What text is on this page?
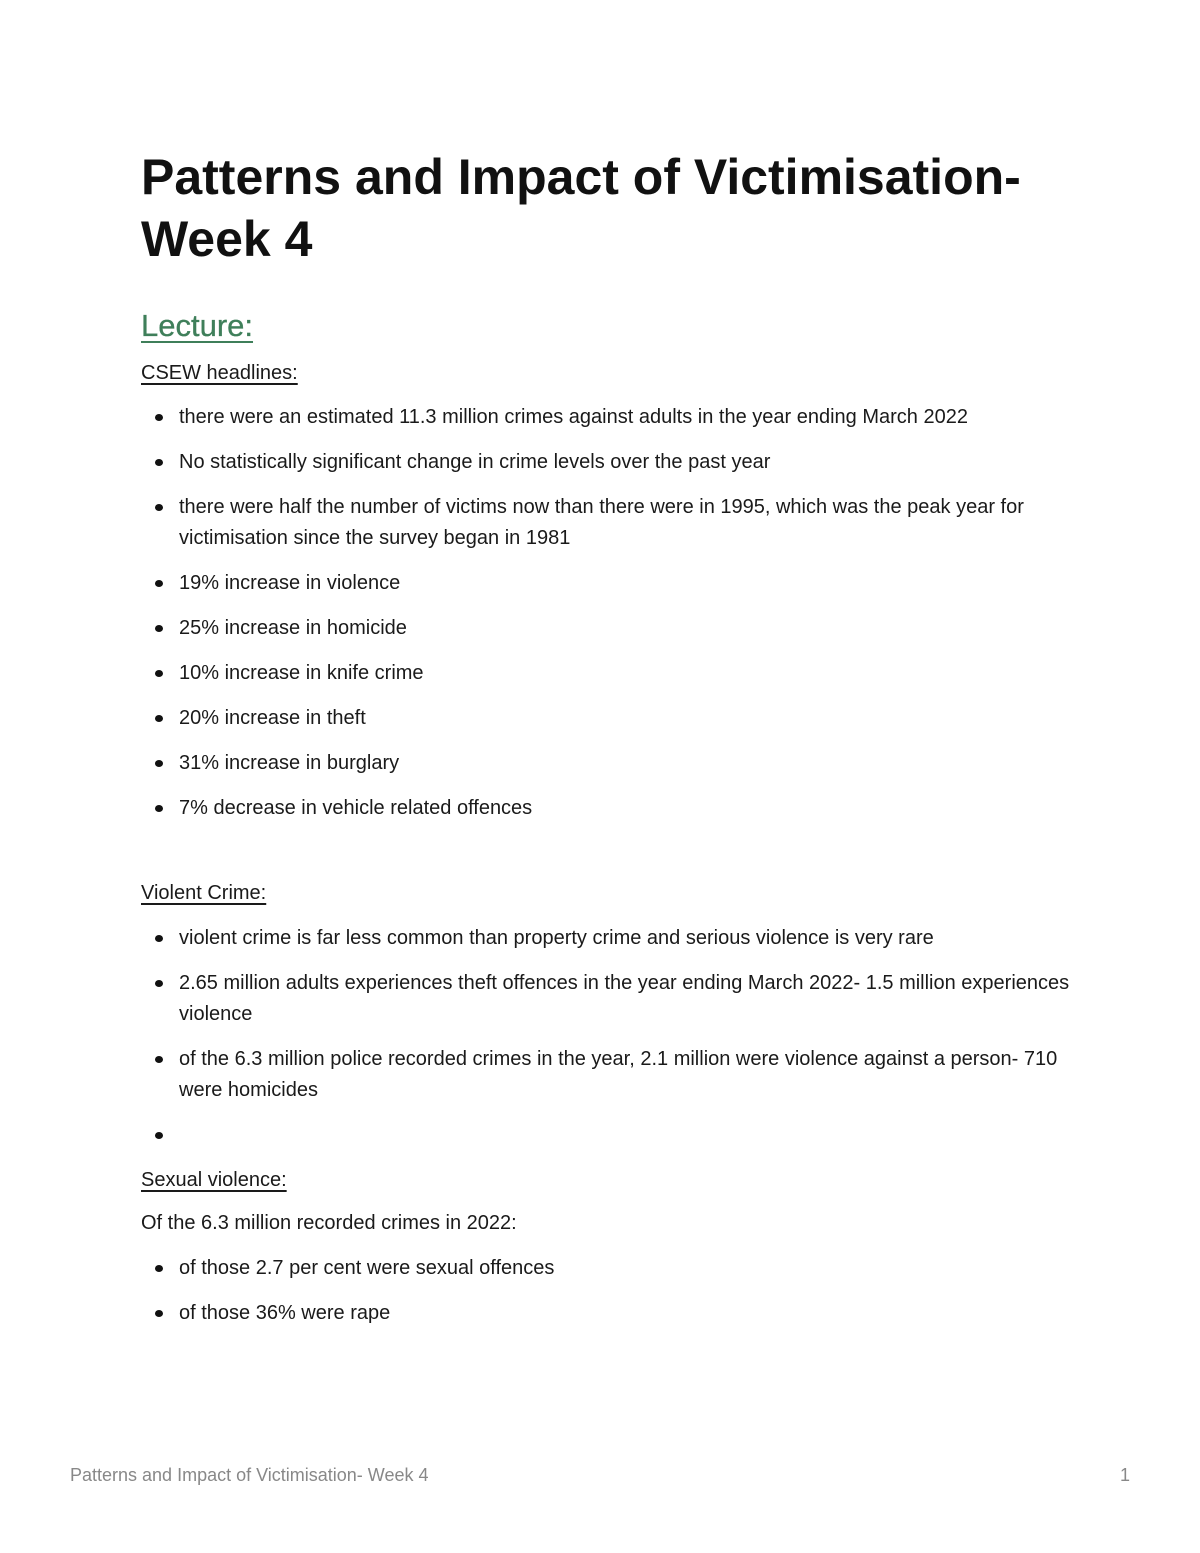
Patterns and Impact of Victimisation- Week 4
Lecture:

CSEW headlines:

there were an estimated 11.3 million crimes against adults in the year ending March 2022
No statistically significant change in crime levels over the past year
there were half the number of victims now than there were in 1995, which was the peak year for victimisation since the survey began in 1981
19% increase in violence
25% increase in homicide
10% increase in knife crime
20% increase in theft
31% increase in burglary
7% decrease in vehicle related offences

Violent Crime:

violent crime is far less common than property crime and serious violence is very rare
2.65 million adults experiences theft offences in the year ending March 2022- 1.5 million experiences violence
of the 6.3 million police recorded crimes in the year, 2.1 million were violence against a person- 710 were homicides

Sexual violence:

Of the 6.3 million recorded crimes in 2022:

of those 2.7 per cent were sexual offences
of those 36% were rape
Patterns and Impact of Victimisation- Week 4	1
